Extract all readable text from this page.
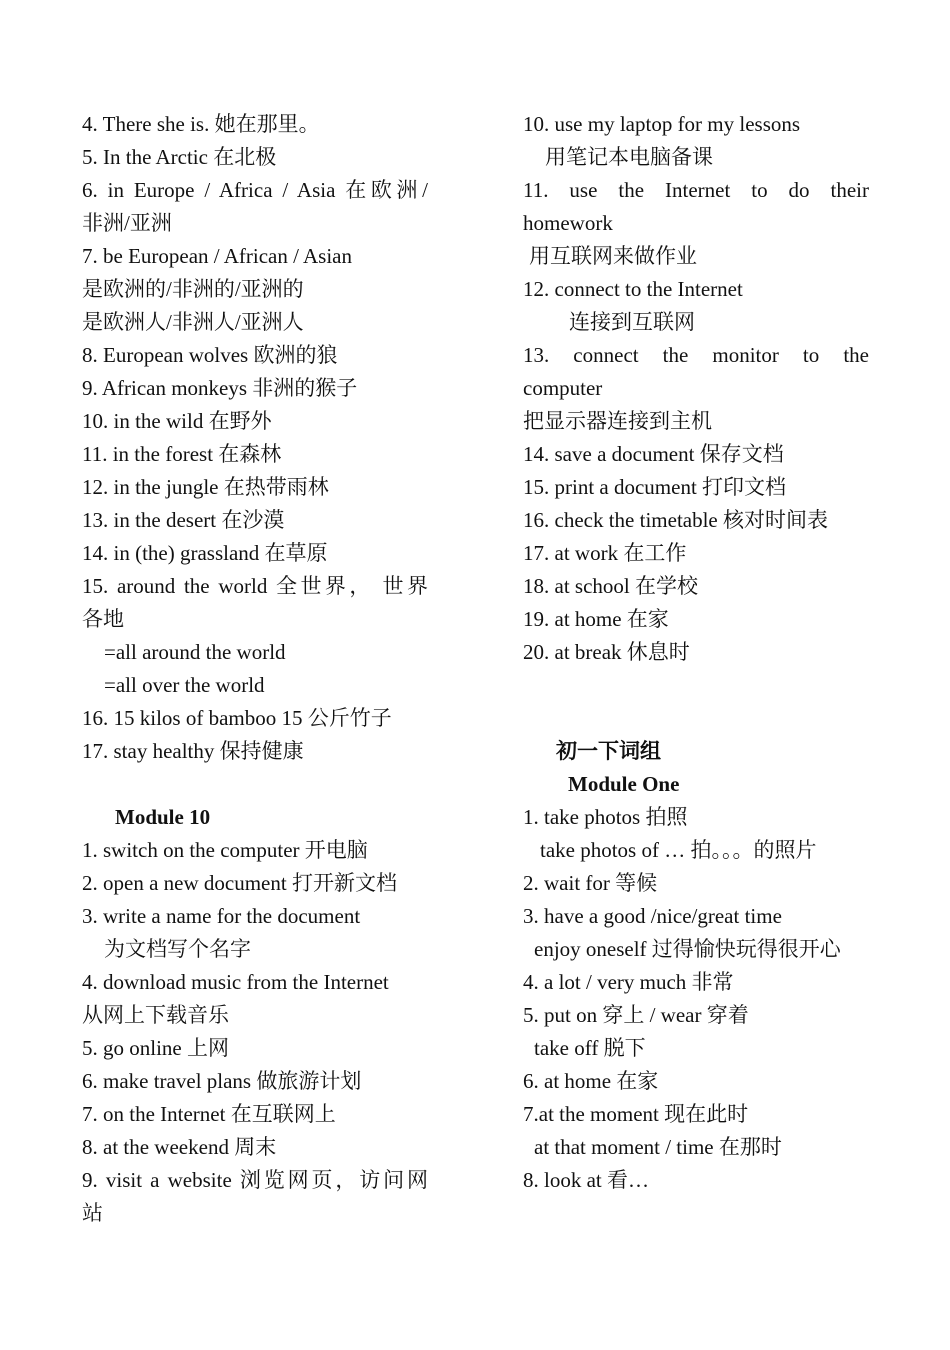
4. There she is. 她在那里。
5. In the Arctic 在北极
6. in Europe / Africa / Asia 在欧洲/
非洲/亚洲
7. be European / African / Asian
是欧洲的/非洲的/亚洲的
是欧洲人/非洲人/亚洲人
8. European wolves 欧洲的狼
9. African monkeys 非洲的猴子
10. in the wild 在野外
11. in the forest 在森林
12. in the jungle 在热带雨林
13. in the desert 在沙漠
14. in (the) grassland 在草原
15. around the world 全世界， 世界
各地
=all around the world
=all over the world
16. 15 kilos of bamboo 15 公斤竹子
17. stay healthy 保持健康
Module 10
1. switch on the computer 开电脑
2. open a new document 打开新文档
3. write a name for the document
为文档写个名字
4. download music from the Internet
从网上下载音乐
5. go online 上网
6. make travel plans 做旅游计划
7. on the Internet 在互联网上
8. at the weekend 周末
9. visit a website 浏览网页，访问网
站
10. use my laptop for my lessons
用笔记本电脑备课
11. use the Internet to do their
homework
用互联网来做作业
12. connect to the Internet
连接到互联网
13. connect the monitor to the
computer
把显示器连接到主机
14. save a document 保存文档
15. print a document 打印文档
16. check the timetable 核对时间表
17. at work 在工作
18. at school 在学校
19. at home 在家
20. at break 休息时
初一下词组
Module One
1. take photos 拍照
take photos of … 拍。。。的照片
2. wait for 等候
3. have a good /nice/great time
enjoy oneself 过得愉快玩得很开心
4. a lot / very much 非常
5. put on 穿上 / wear 穿着
take off 脱下
6. at home 在家
7.at the moment 现在此时
at that moment / time 在那时
8. look at 看…
